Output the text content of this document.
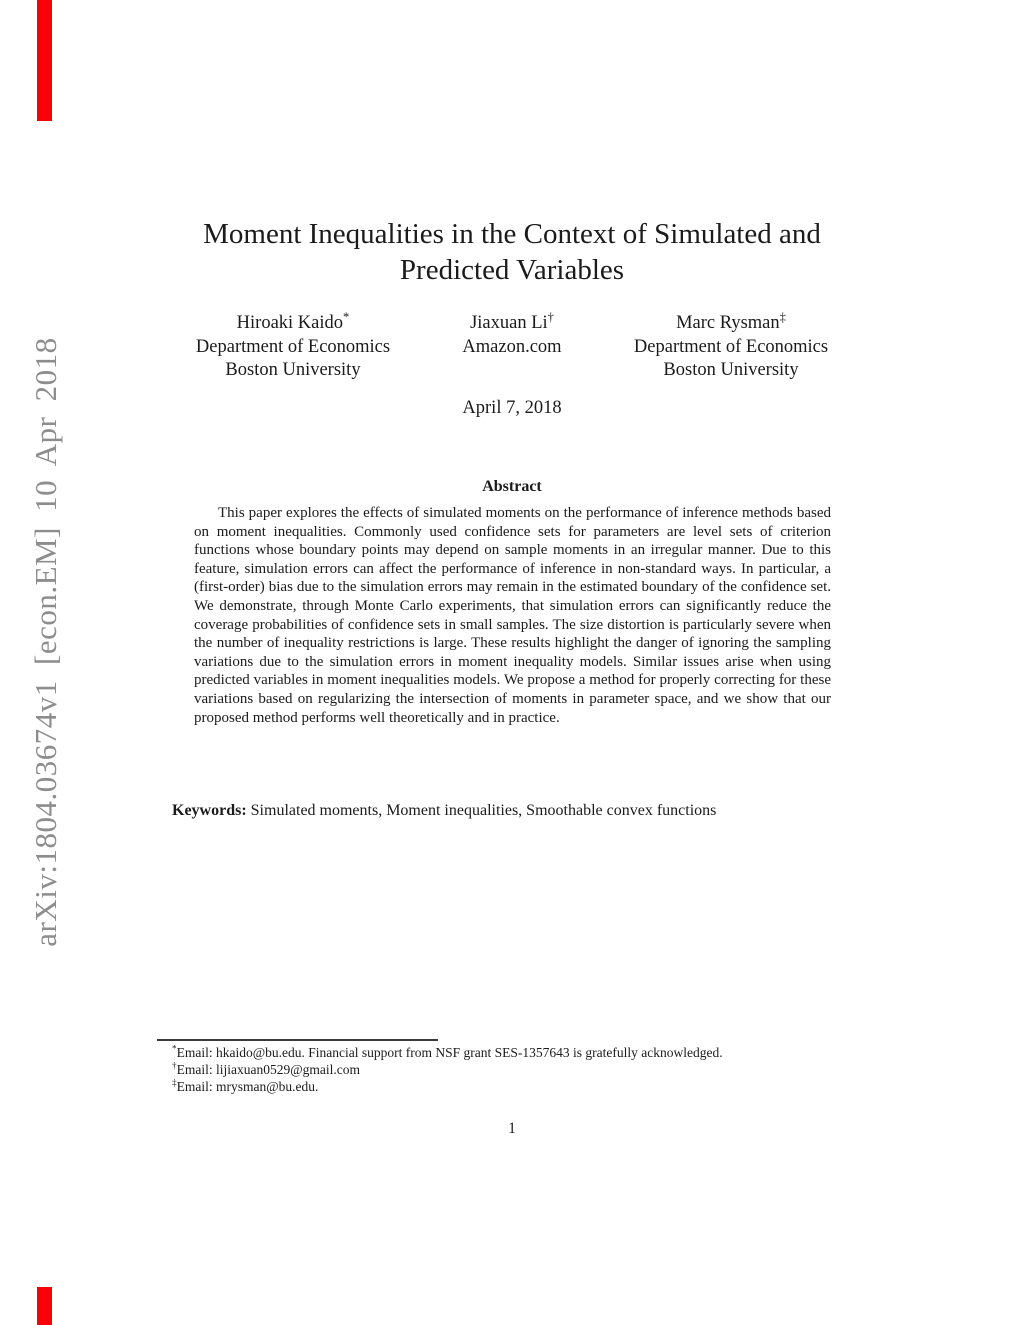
arXiv:1804.03674v1 [econ.EM] 10 Apr 2018
Moment Inequalities in the Context of Simulated and
Predicted Variables
Hiroaki Kaido*
Department of Economics
Boston University
Jiaxuan Li†
Amazon.com
Marc Rysman‡
Department of Economics
Boston University
April 7, 2018
Abstract

This paper explores the effects of simulated moments on the performance of inference methods based on moment inequalities. Commonly used confidence sets for parameters are level sets of criterion functions whose boundary points may depend on sample moments in an irregular manner. Due to this feature, simulation errors can affect the performance of inference in non-standard ways. In particular, a (first-order) bias due to the simulation errors may remain in the estimated boundary of the confidence set. We demonstrate, through Monte Carlo experiments, that simulation errors can significantly reduce the coverage probabilities of confidence sets in small samples. The size distortion is particularly severe when the number of inequality restrictions is large. These results highlight the danger of ignoring the sampling variations due to the simulation errors in moment inequality models. Similar issues arise when using predicted variables in moment inequalities models. We propose a method for properly correcting for these variations based on regularizing the intersection of moments in parameter space, and we show that our proposed method performs well theoretically and in practice.

Keywords: Simulated moments, Moment inequalities, Smoothable convex functions

*Email: hkaido@bu.edu. Financial support from NSF grant SES-1357643 is gratefully acknowledged.
†Email: lijiaxuan0529@gmail.com
‡Email: mrysman@bu.edu.
1
